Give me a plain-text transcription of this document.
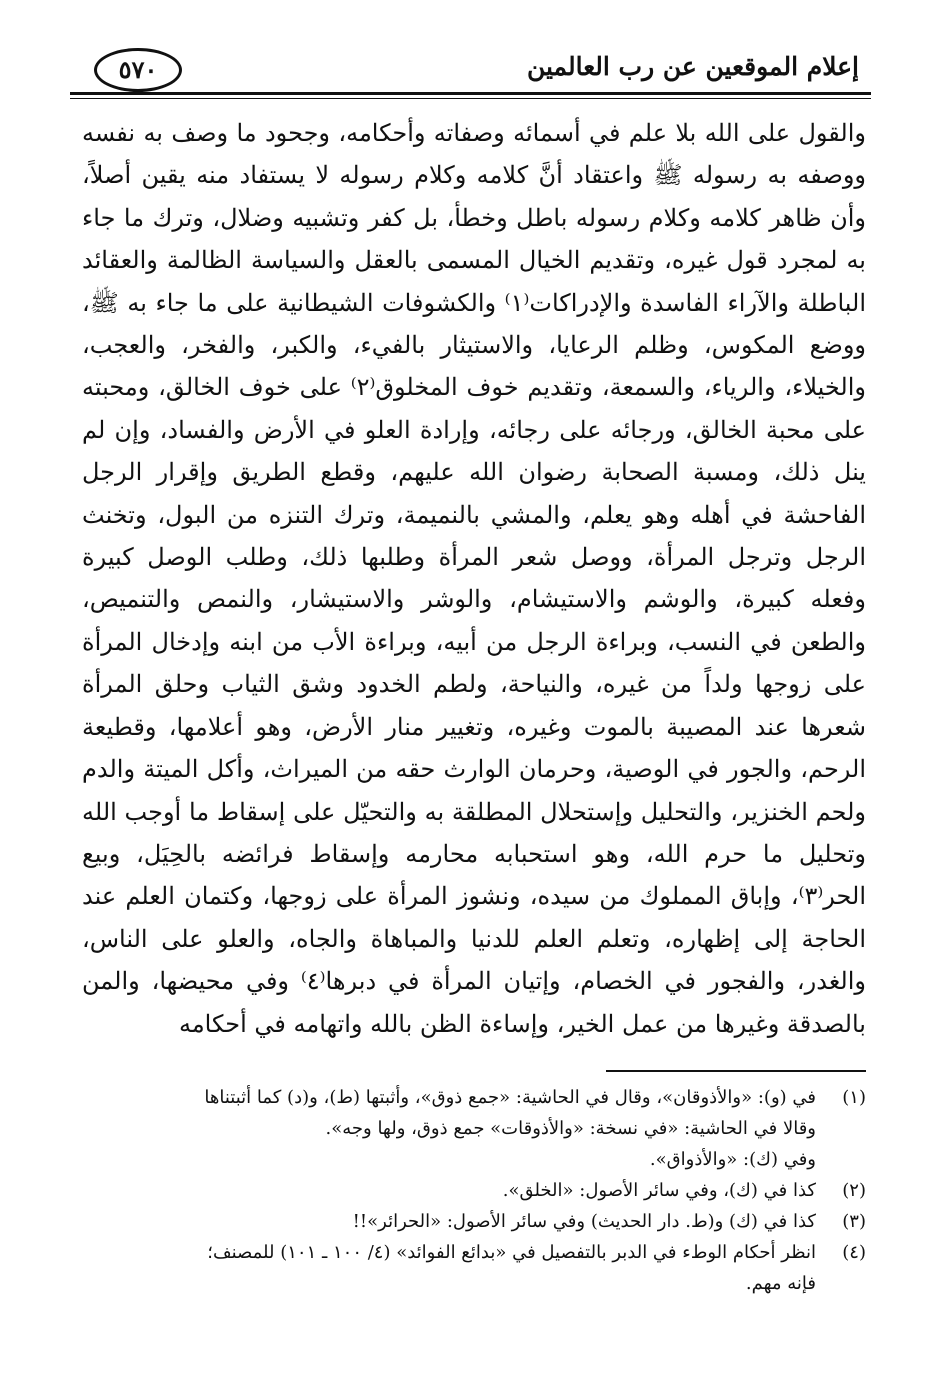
إعلام الموقعين عن رب العالمين
٥٧٠

والقول على الله بلا علم في أسمائه وصفاته وأحكامه، وجحود ما وصف به نفسه ووصفه به رسوله ﷺ واعتقاد أنَّ كلامه وكلام رسوله لا يستفاد منه يقين أصلاً، وأن ظاهر كلامه وكلام رسوله باطل وخطأ، بل كفر وتشبيه وضلال، وترك ما جاء به لمجرد قول غيره، وتقديم الخيال المسمى بالعقل والسياسة الظالمة والعقائد الباطلة والآراء الفاسدة والإدراكات⁽١⁾ والكشوفات الشيطانية على ما جاء به ﷺ، ووضع المكوس، وظلم الرعايا، والاستيثار بالفيء، والكبر، والفخر، والعجب، والخيلاء، والرياء، والسمعة، وتقديم خوف المخلوق⁽٢⁾ على خوف الخالق، ومحبته على محبة الخالق، ورجائه على رجائه، وإرادة العلو في الأرض والفساد، وإن لم ينل ذلك، ومسبة الصحابة رضوان الله عليهم، وقطع الطريق وإقرار الرجل الفاحشة في أهله وهو يعلم، والمشي بالنميمة، وترك التنزه من البول، وتخنث الرجل وترجل المرأة، ووصل شعر المرأة وطلبها ذلك، وطلب الوصل كبيرة وفعله كبيرة، والوشم والاستيشام، والوشر والاستيشار، والنمص والتنميص، والطعن في النسب، وبراءة الرجل من أبيه، وبراءة الأب من ابنه وإدخال المرأة على زوجها ولداً من غيره، والنياحة، ولطم الخدود وشق الثياب وحلق المرأة شعرها عند المصيبة بالموت وغيره، وتغيير منار الأرض، وهو أعلامها، وقطيعة الرحم، والجور في الوصية، وحرمان الوارث حقه من الميراث، وأكل الميتة والدم ولحم الخنزير، والتحليل وإستحلال المطلقة به والتحيّل على إسقاط ما أوجب الله وتحليل ما حرم الله، وهو استحبابه محارمه وإسقاط فرائضه بالحِيَل، وبيع الحر⁽٣⁾، وإباق المملوك من سيده، ونشوز المرأة على زوجها، وكتمان العلم عند الحاجة إلى إظهاره، وتعلم العلم للدنيا والمباهاة والجاه، والعلو على الناس، والغدر، والفجور في الخصام، وإتيان المرأة في دبرها⁽٤⁾ وفي محيضها، والمن بالصدقة وغيرها من عمل الخير، وإساءة الظن بالله واتهامه في أحكامه

(١)
في (و): «والأذوقان»، وقال في الحاشية: «جمع ذوق»، وأثبتها (ط)، و(د) كما أثبتناها
وقالا في الحاشية: «في نسخة: «والأذوقات» جمع ذوق، ولها وجه».
وفي (ك): «والأذواق».
(٢)
كذا في (ك)، وفي سائر الأصول: «الخلق».
(٣)
كذا في (ك) و(ط. دار الحديث) وفي سائر الأصول: «الحرائر»!!
(٤)
انظر أحكام الوطء في الدبر بالتفصيل في «بدائع الفوائد» (٤/ ١٠٠ ـ ١٠١) للمصنف؛
فإنه مهم.
